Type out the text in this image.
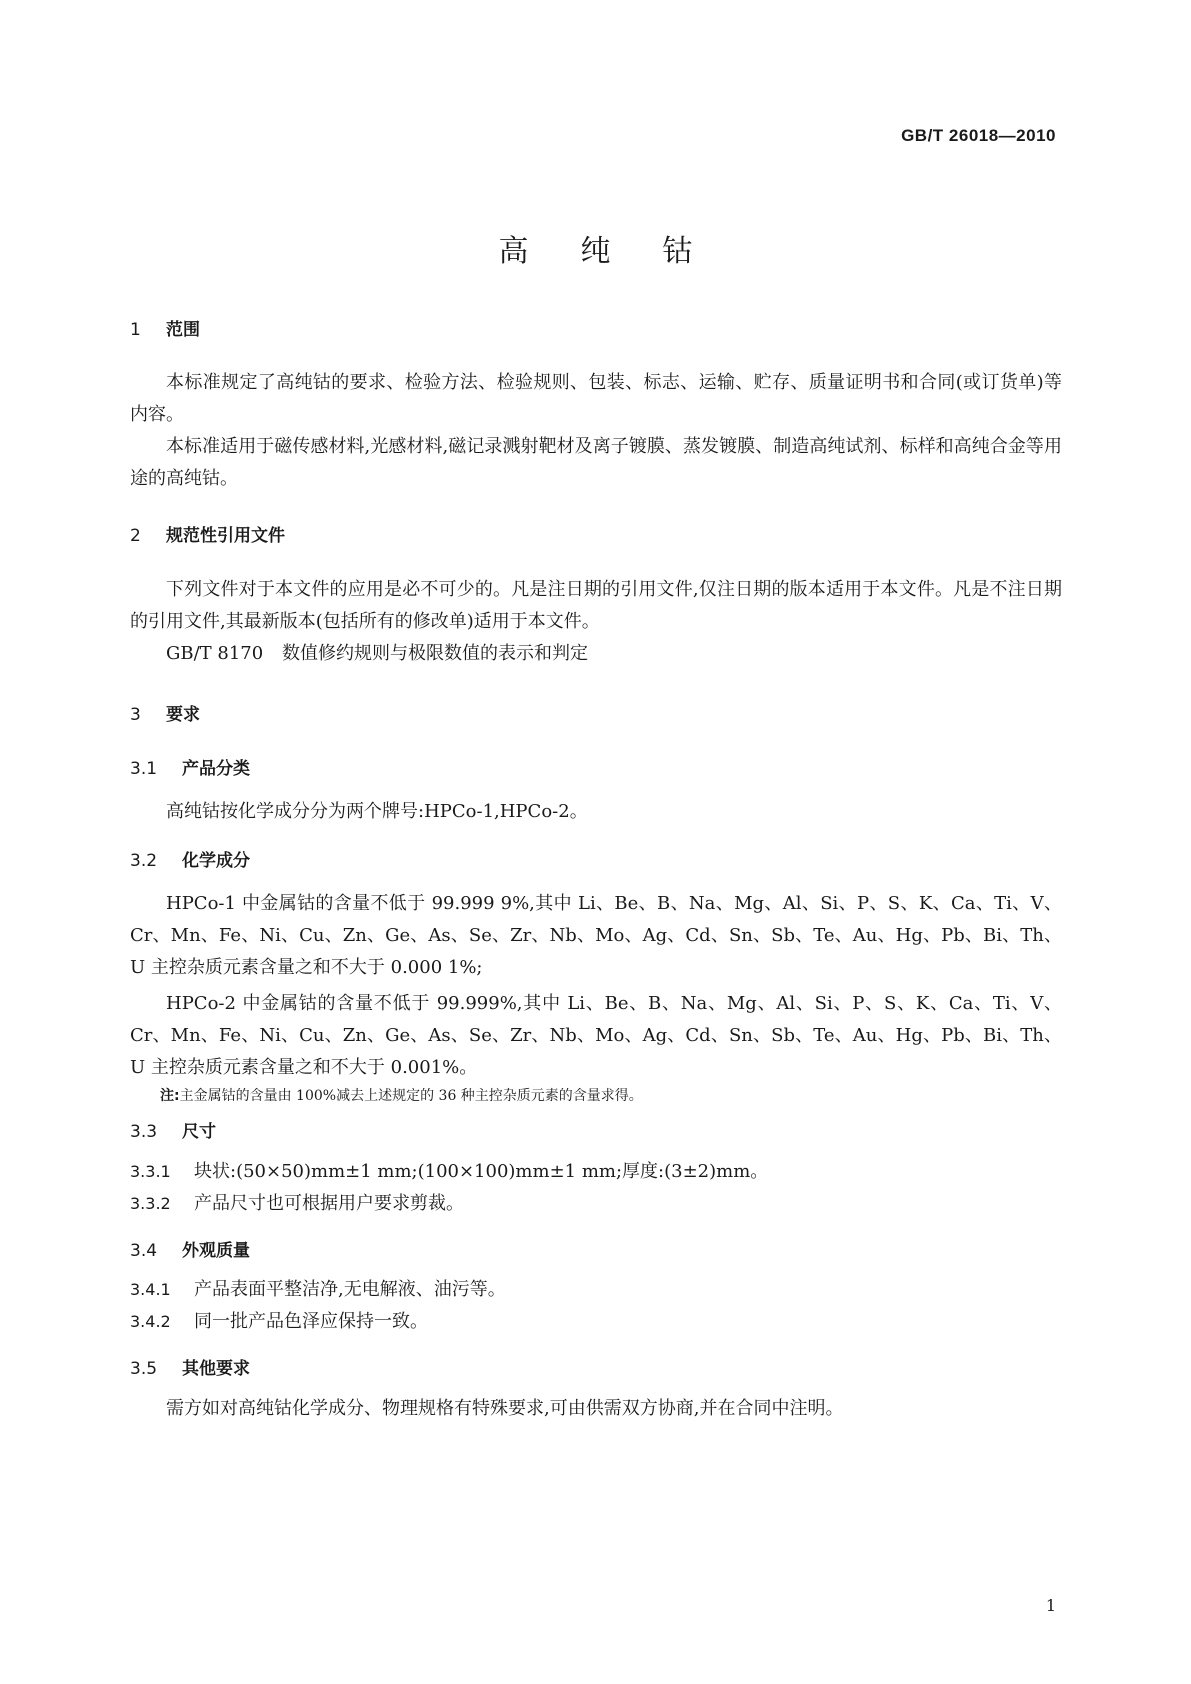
GB/T 26018—2010
高纯钴
1 范围

本标准规定了高纯钴的要求、检验方法、检验规则、包装、标志、运输、贮存、质量证明书和合同(或订货单)等内容。

本标准适用于磁传感材料,光感材料,磁记录溅射靶材及离子镀膜、蒸发镀膜、制造高纯试剂、标样和高纯合金等用途的高纯钴。

2 规范性引用文件

下列文件对于本文件的应用是必不可少的。凡是注日期的引用文件,仅注日期的版本适用于本文件。凡是不注日期的引用文件,其最新版本(包括所有的修改单)适用于本文件。

GB/T 8170 数值修约规则与极限数值的表示和判定
3 要求
3.1 产品分类

高纯钴按化学成分分为两个牌号:HPCo-1,HPCo-2。

3.2 化学成分

HPCo-1 中金属钴的含量不低于 99.999 9%,其中 Li、Be、B、Na、Mg、Al、Si、P、S、K、Ca、Ti、V、Cr、Mn、Fe、Ni、Cu、Zn、Ge、As、Se、Zr、Nb、Mo、Ag、Cd、Sn、Sb、Te、Au、Hg、Pb、Bi、Th、U 主控杂质元素含量之和不大于 0.000 1%;

HPCo-2 中金属钴的含量不低于 99.999%,其中 Li、Be、B、Na、Mg、Al、Si、P、S、K、Ca、Ti、V、Cr、Mn、Fe、Ni、Cu、Zn、Ge、As、Se、Zr、Nb、Mo、Ag、Cd、Sn、Sb、Te、Au、Hg、Pb、Bi、Th、U 主控杂质元素含量之和不大于 0.001%。

注:主金属钴的含量由 100%减去上述规定的 36 种主控杂质元素的含量求得。
3.3 尺寸
3.3.1 块状:(50×50)mm±1 mm;(100×100)mm±1 mm;厚度:(3±2)mm。
3.3.2 产品尺寸也可根据用户要求剪裁。
3.4 外观质量
3.4.1 产品表面平整洁净,无电解液、油污等。
3.4.2 同一批产品色泽应保持一致。
3.5 其他要求

需方如对高纯钴化学成分、物理规格有特殊要求,可由供需双方协商,并在合同中注明。

1
